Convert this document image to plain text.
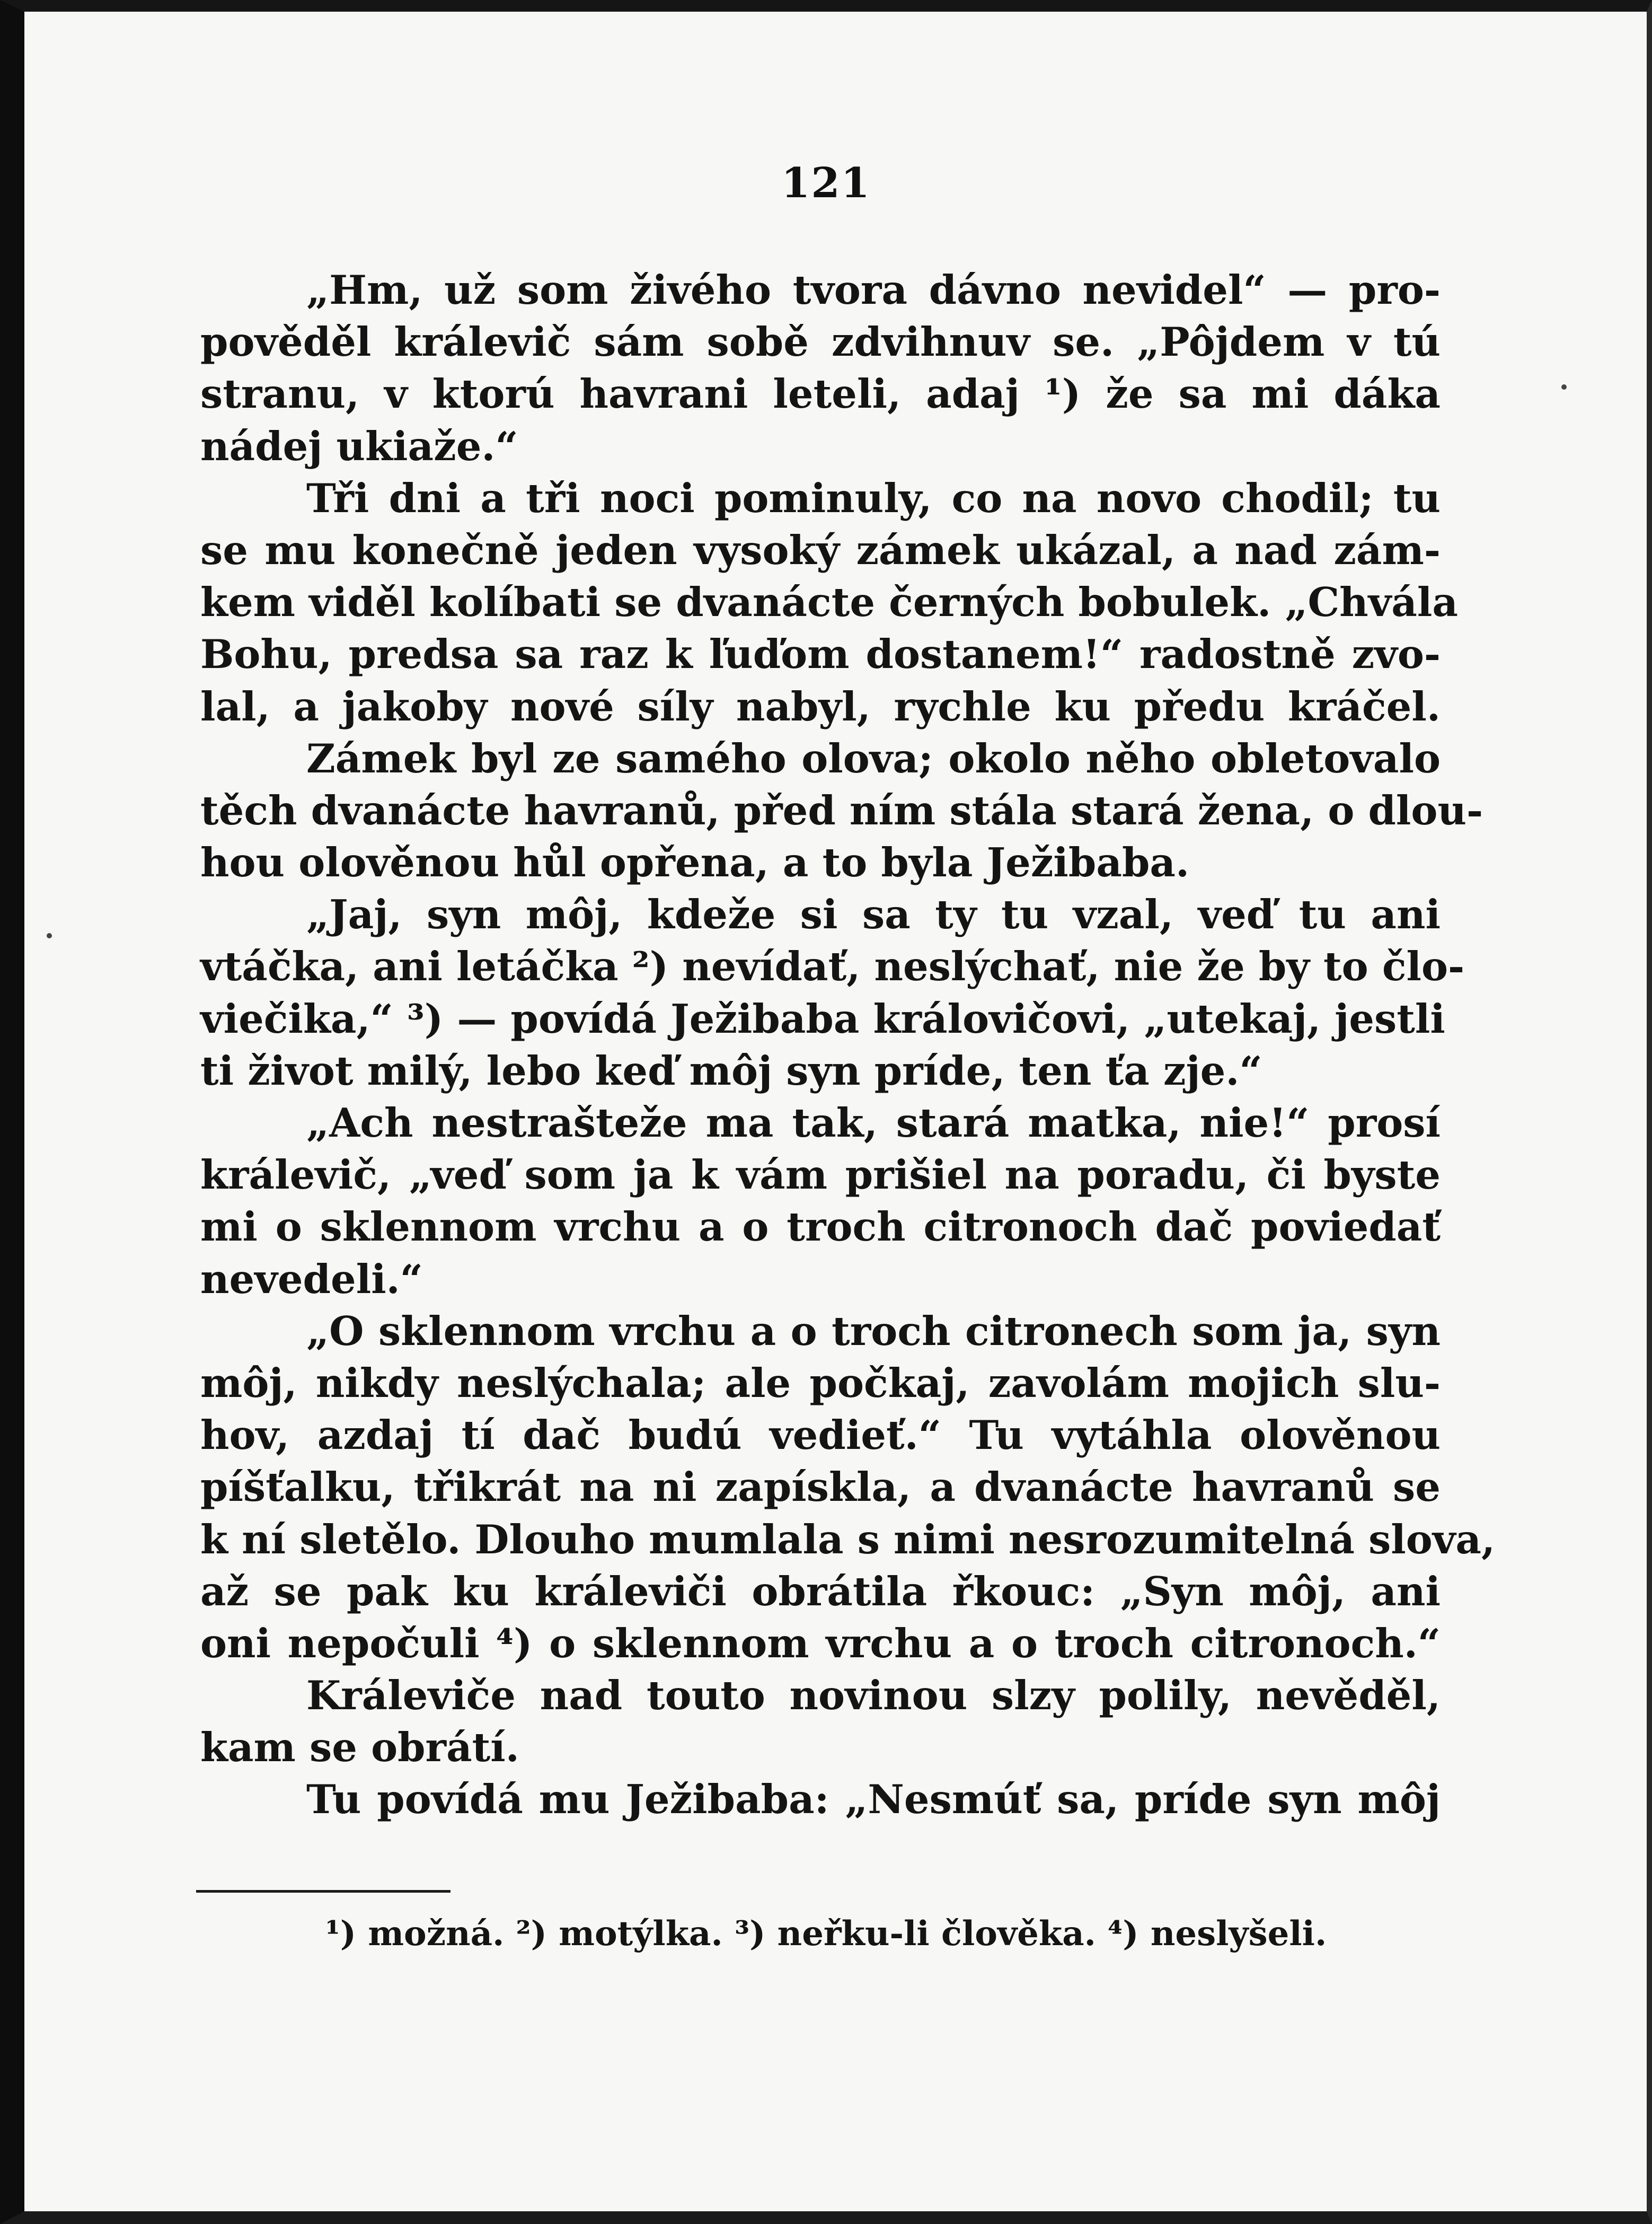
121
„Hm, už som živého tvora dávno nevidel“ — pro-
pověděl králevič sám sobě zdvihnuv se. „Pôjdem v tú
stranu, v ktorú havrani leteli, adaj ¹) že sa mi dáka
nádej ukiaže.“
Tři dni a tři noci pominuly, co na novo chodil; tu
se mu konečně jeden vysoký zámek ukázal, a nad zám-
kem viděl kolíbati se dvanácte černých bobulek. „Chvála
Bohu, predsa sa raz k ľuďom dostanem!“ radostně zvo-
lal, a jakoby nové síly nabyl, rychle ku předu kráčel.
Zámek byl ze samého olova; okolo něho obletovalo
těch dvanácte havranů, před ním stála stará žena, o dlou-
hou olověnou hůl opřena, a to byla Ježibaba.
„Jaj, syn môj, kdeže si sa ty tu vzal, veď tu ani
vtáčka, ani letáčka ²) nevídať, neslýchať, nie že by to člo-
viečika,“ ³) — povídá Ježibaba královičovi, „utekaj, jestli
ti život milý, lebo keď môj syn príde, ten ťa zje.“
„Ach nestrašteže ma tak, stará matka, nie!“ prosí
králevič, „veď som ja k vám prišiel na poradu, či byste
mi o sklennom vrchu a o troch citronoch dač poviedať
nevedeli.“
„O sklennom vrchu a o troch citronech som ja, syn
môj, nikdy neslýchala; ale počkaj, zavolám mojich slu-
hov, azdaj tí dač budú vedieť.“ Tu vytáhla olověnou
píšťalku, třikrát na ni zapískla, a dvanácte havranů se
k ní sletělo. Dlouho mumlala s nimi nesrozumitelná slova,
až se pak ku králeviči obrátila řkouc: „Syn môj, ani
oni nepočuli ⁴) o sklennom vrchu a o troch citronoch.“
Králeviče nad touto novinou slzy polily, nevěděl,
kam se obrátí.
Tu povídá mu Ježibaba: „Nesmúť sa, príde syn môj
¹) možná. ²) motýlka. ³) neřku-li člověka. ⁴) neslyšeli.
